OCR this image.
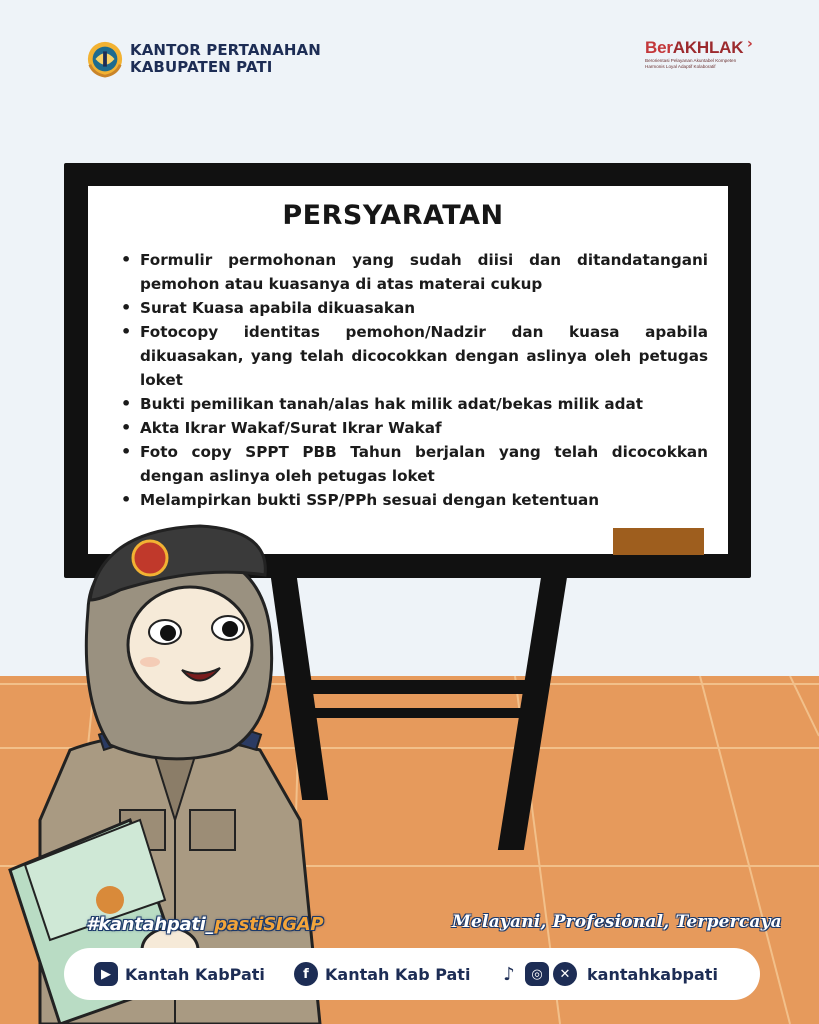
KANTOR PERTANAHAN
KABUPATEN PATI
›
BerAKHLAK
Berorientasi Pelayanan Akuntabel Kompeten Harmonis Loyal Adaptif Kolaboratif
PERSYARATAN
• Formulir permohonan yang sudah diisi dan ditandatangani pemohon atau kuasanya di atas materai cukup
• Surat Kuasa apabila dikuasakan
• Fotocopy identitas pemohon/Nadzir dan kuasa apabila dikuasakan, yang telah dicocokkan dengan aslinya oleh petugas loket
• Bukti pemilikan tanah/alas hak milik adat/bekas milik adat
• Akta Ikrar Wakaf/Surat Ikrar Wakaf
• Foto copy SPPT PBB Tahun berjalan yang telah dicocokkan dengan aslinya oleh petugas loket
• Melampirkan bukti SSP/PPh sesuai dengan ketentuan
#kantahpati_pastiSIGAP	Melayani, Profesional, Terpercaya
▶ Kantah KabPati	f	Kantah Kab Pati	♪	◎	✕	kantahkabpati
